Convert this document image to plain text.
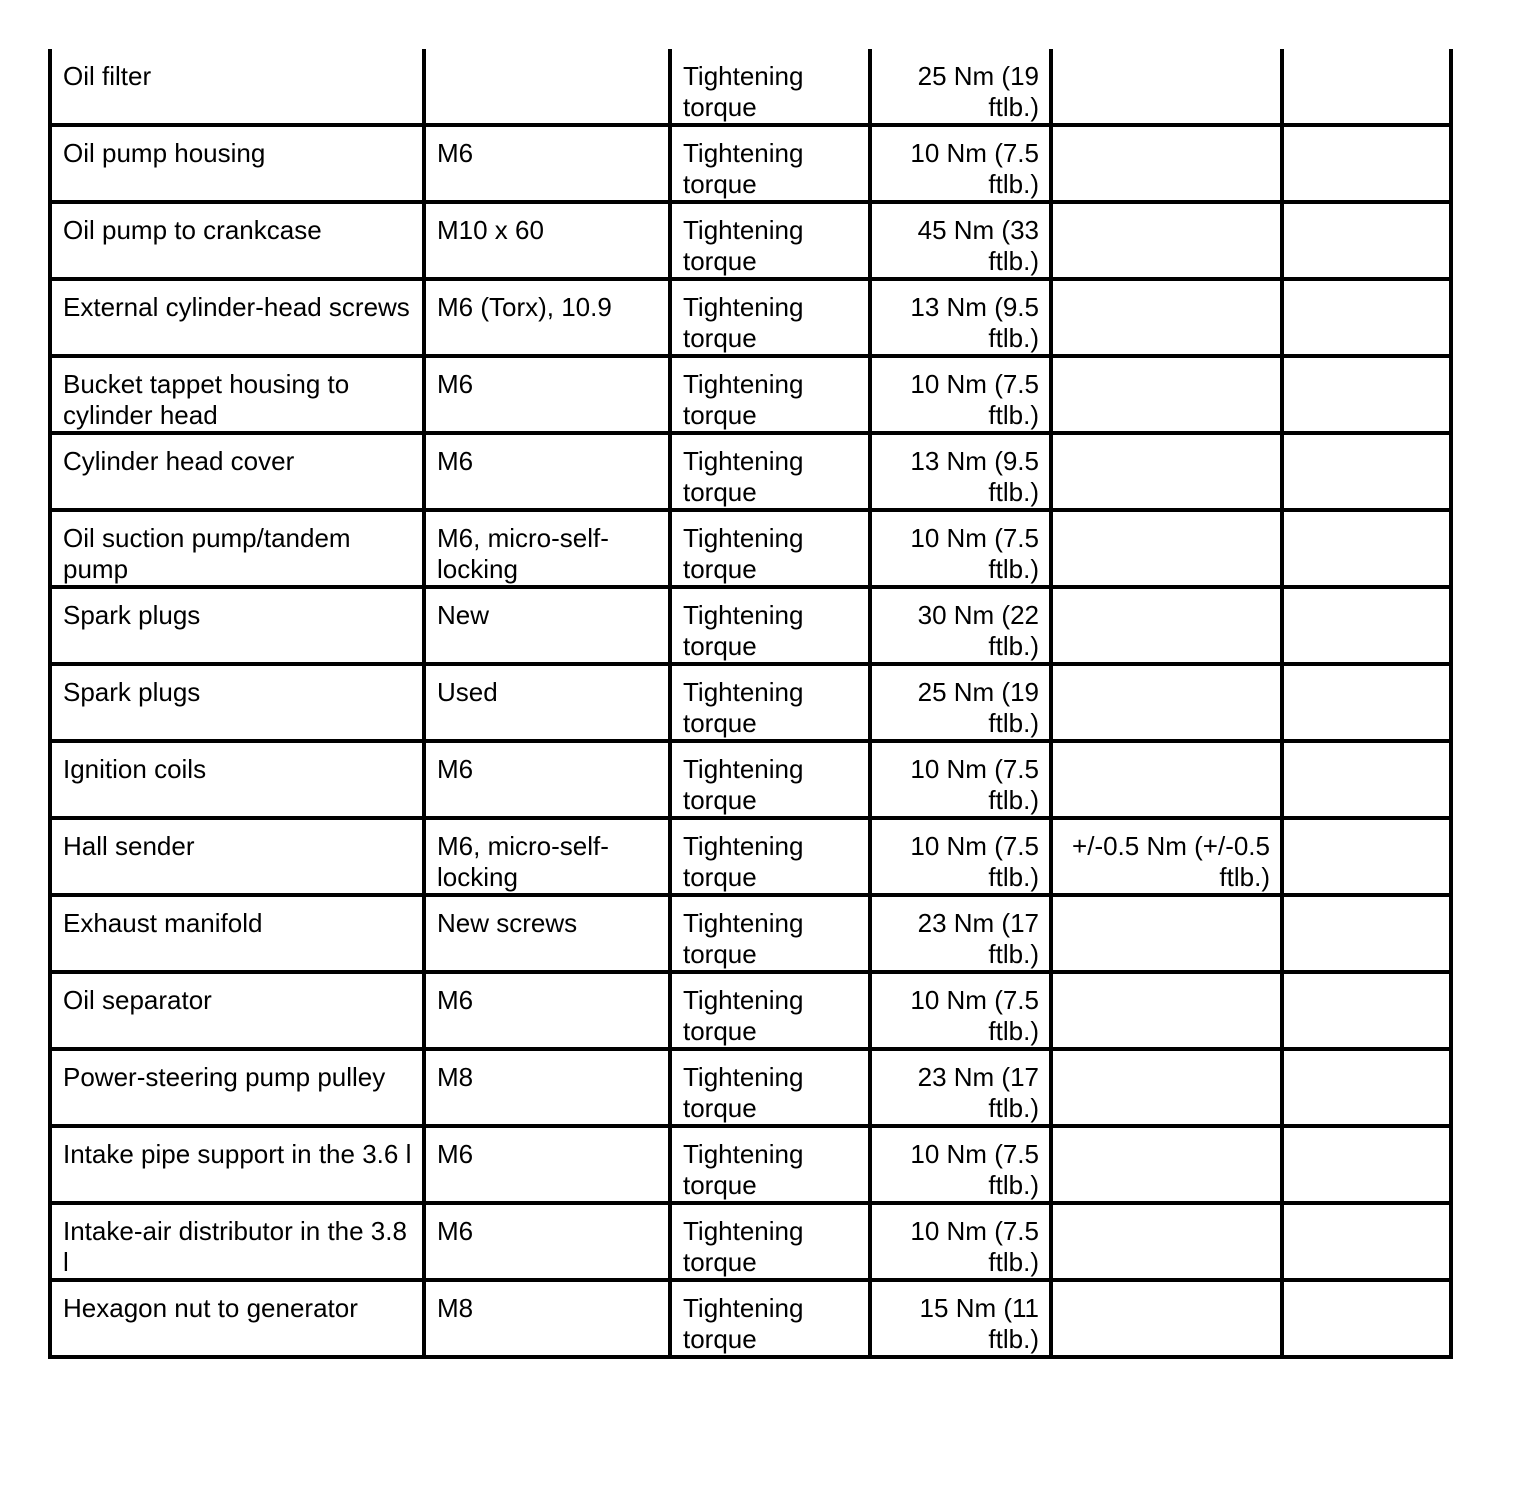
Oil filter		Tightening torque	25 Nm (19 ftlb.)		
Oil pump housing	M6	Tightening torque	10 Nm (7.5 ftlb.)		
Oil pump to crankcase	M10 x 60	Tightening torque	45 Nm (33 ftlb.)		
External cylinder-head screws	M6 (Torx), 10.9	Tightening torque	13 Nm (9.5 ftlb.)		
Bucket tappet housing to cylinder head	M6	Tightening torque	10 Nm (7.5 ftlb.)		
Cylinder head cover	M6	Tightening torque	13 Nm (9.5 ftlb.)		
Oil suction pump/tandem pump	M6, micro-self-locking	Tightening torque	10 Nm (7.5 ftlb.)		
Spark plugs	New	Tightening torque	30 Nm (22 ftlb.)		
Spark plugs	Used	Tightening torque	25 Nm (19 ftlb.)		
Ignition coils	M6	Tightening torque	10 Nm (7.5 ftlb.)		
Hall sender	M6, micro-self-locking	Tightening torque	10 Nm (7.5 ftlb.)	+/-0.5 Nm (+/-0.5 ftlb.)	
Exhaust manifold	New screws	Tightening torque	23 Nm (17 ftlb.)		
Oil separator	M6	Tightening torque	10 Nm (7.5 ftlb.)		
Power-steering pump pulley	M8	Tightening torque	23 Nm (17 ftlb.)		
Intake pipe support in the 3.6 l	M6	Tightening torque	10 Nm (7.5 ftlb.)		
Intake-air distributor in the 3.8 l	M6	Tightening torque	10 Nm (7.5 ftlb.)		
Hexagon nut to generator	M8	Tightening torque	15 Nm (11 ftlb.)		
